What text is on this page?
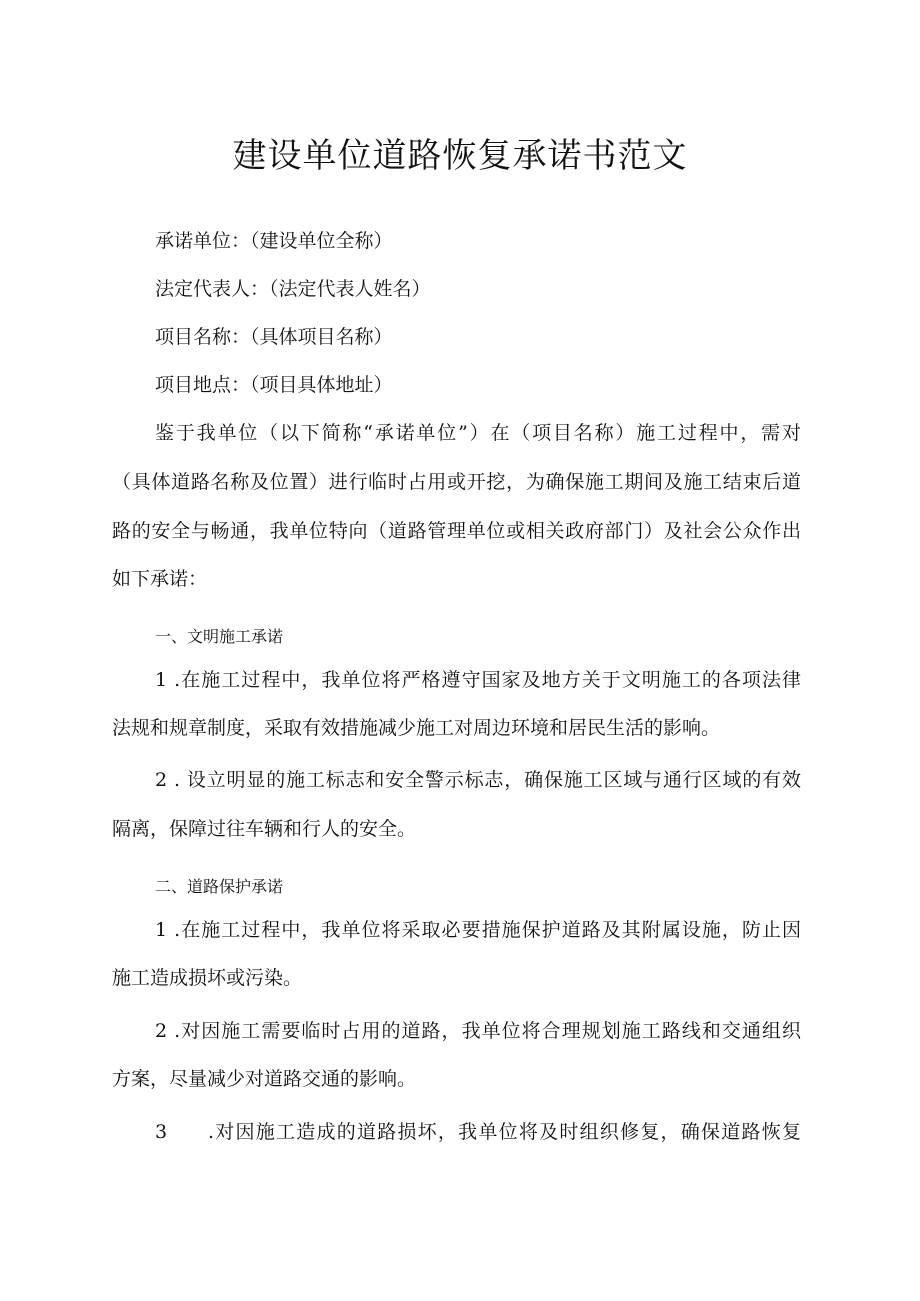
建设单位道路恢复承诺书范文
承诺单位：（建设单位全称）
法定代表人：（法定代表人姓名）
项目名称：（具体项目名称）
项目地点：（项目具体地址）
鉴于我单位（以下简称“承诺单位”）在（项目名称）施工过程中，需对
（具体道路名称及位置）进行临时占用或开挖，为确保施工期间及施工结束后道
路的安全与畅通，我单位特向（道路管理单位或相关政府部门）及社会公众作出
如下承诺：
一、文明施工承诺
1 .在施工过程中，我单位将严格遵守国家及地方关于文明施工的各项法律
法规和规章制度，采取有效措施减少施工对周边环境和居民生活的影响。
2 . 设立明显的施工标志和安全警示标志，确保施工区域与通行区域的有效
隔离，保障过往车辆和行人的安全。
二、道路保护承诺
1 .在施工过程中，我单位将采取必要措施保护道路及其附属设施，防止因
施工造成损坏或污染。
2 .对因施工需要临时占用的道路，我单位将合理规划施工路线和交通组织
方案，尽量减少对道路交通的影响。
3 .对因施工造成的道路损坏，我单位将及时组织修复，确保道路恢复
